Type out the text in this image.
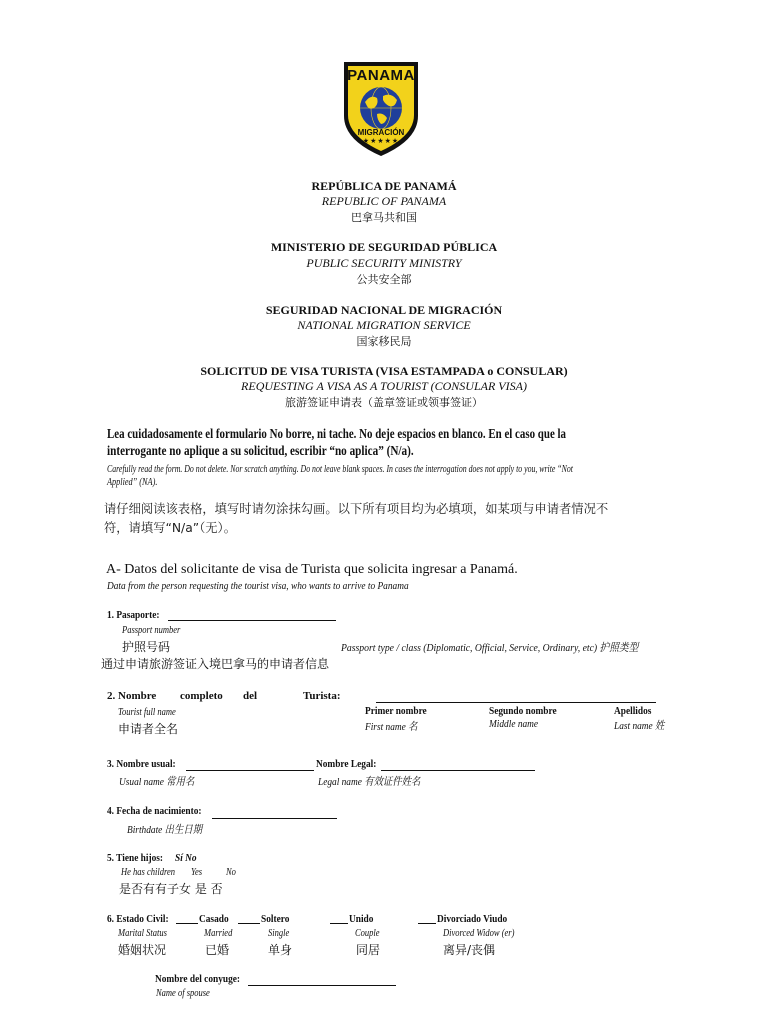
PANAMA
MIGRACIÓN
★★★★★
REPÚBLICA DE PANAMÁ
REPUBLIC OF PANAMA
巴拿马共和国
MINISTERIO DE SEGURIDAD PÚBLICA
PUBLIC SECURITY MINISTRY
公共安全部
SEGURIDAD NACIONAL DE MIGRACIÓN
NATIONAL MIGRATION SERVICE
国家移民局
SOLICITUD DE VISA TURISTA (VISA ESTAMPADA o CONSULAR)
REQUESTING A VISA AS A TOURIST (CONSULAR VISA)
旅游签证申请表（盖章签证或领事签证）
Lea cuidadosamente el formulario No borre, ni tache. No deje espacios en blanco. En el caso que la
interrogante no aplique a su solicitud, escribir “no aplica” (N/a).
Carefully read the form. Do not delete. Nor scratch anything. Do not leave blank spaces. In cases the interrogation does not apply to you, write “Not
Applied” (NA).
请仔细阅读该表格，填写时请勿涂抹勾画。以下所有项目均为必填项，如某项与申请者情况不
符，请填写“N/a”（无）。
A- Datos del solicitante de visa de Turista que solicita ingresar a Panamá.
Data from the person requesting the tourist visa, who wants to arrive to Panama
1. Pasaporte:
Passport number
护照号码	Passport type / class (Diplomatic, Official, Service, Ordinary, etc) 护照类型
通过申请旅游签证入境巴拿马的申请者信息
2. Nombre completo del	Turista:
Tourist full name
申请者全名
Primer nombre
First name 名
Segundo nombre
Middle name
Apellidos
Last name 姓
3. Nombre usual:
Usual name 常用名
Nombre Legal:
Legal name 有效证件姓名
4. Fecha de nacimiento:
Birthdate 出生日期
5. Tiene hijos: Sí No
He has children Yes No
是否有有子女 是 否
6. Estado Civil:	Casado	Soltero	Unido	Divorciado Viudo
Marital Status	Married	Single	Couple	Divorced Widow (er)
婚姻状况	已婚	单身	同居	离异/丧偶
Nombre del conyuge:
Name of spouse
